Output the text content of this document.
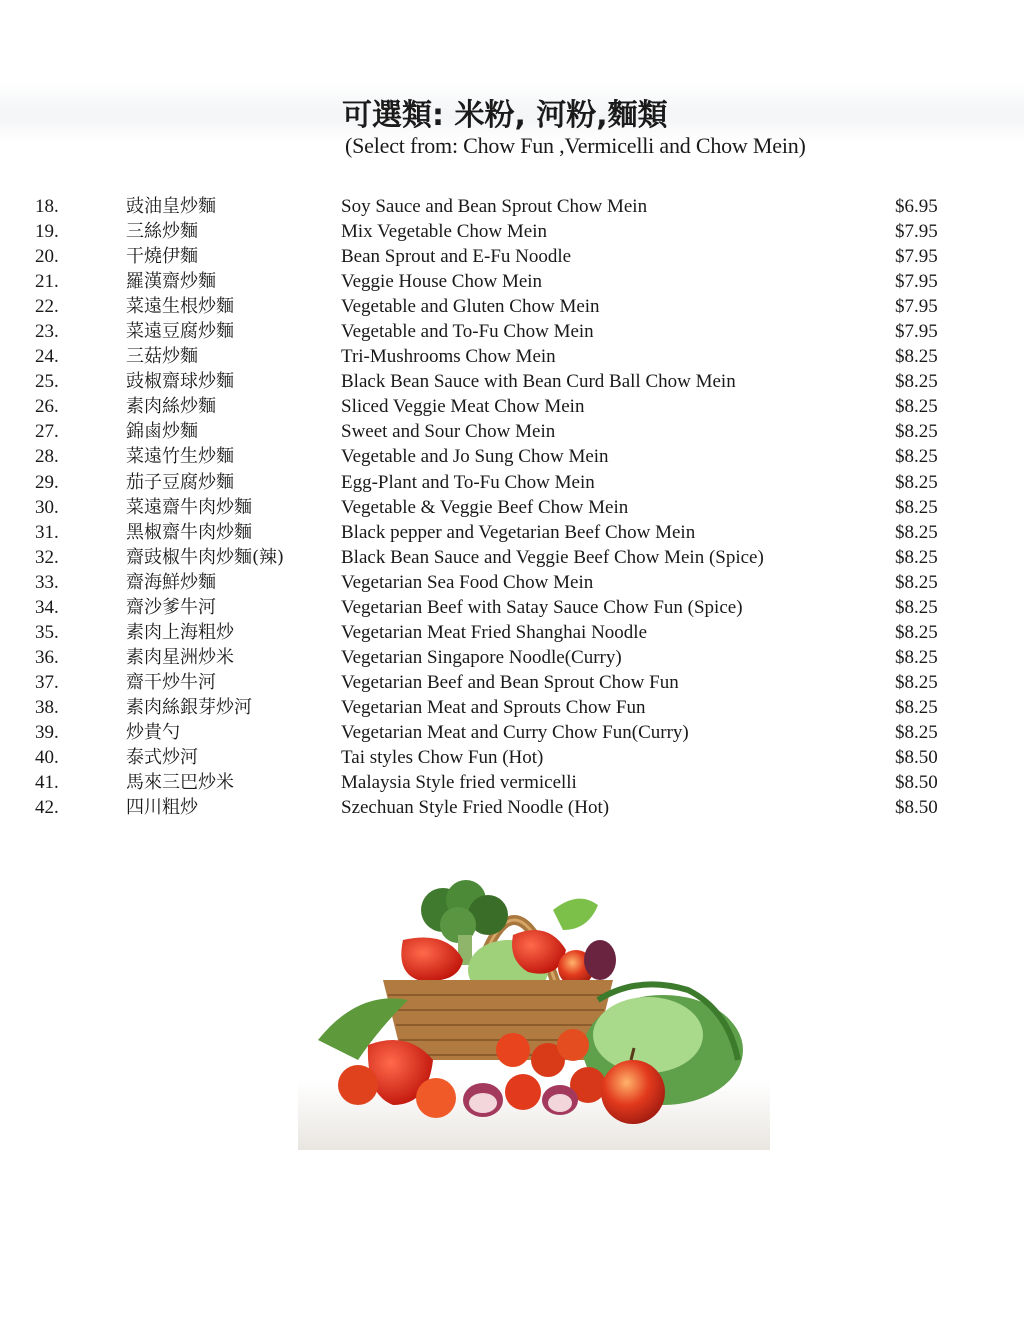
可選類: 米粉, 河粉,麵類
(Select from: Chow Fun ,Vermicelli and Chow Mein)
18.	豉油皇炒麵	Soy Sauce and Bean Sprout Chow Mein	$6.95
19.	三絲炒麵	Mix Vegetable Chow Mein	$7.95
20.	干燒伊麵	Bean Sprout and E-Fu Noodle	$7.95
21.	羅漢齋炒麵	Veggie House Chow Mein	$7.95
22.	菜遠生根炒麵	Vegetable and Gluten Chow Mein	$7.95
23.	菜遠豆腐炒麵	Vegetable and To-Fu Chow Mein	$7.95
24.	三菇炒麵	Tri-Mushrooms Chow Mein	$8.25
25.	豉椒齋球炒麵	Black Bean Sauce with Bean Curd Ball Chow Mein	$8.25
26.	素肉絲炒麵	Sliced Veggie Meat Chow Mein	$8.25
27.	錦鹵炒麵	Sweet and Sour Chow Mein	$8.25
28.	菜遠竹生炒麵	Vegetable and Jo Sung Chow Mein	$8.25
29.	茄子豆腐炒麵	Egg-Plant and To-Fu Chow Mein	$8.25
30.	菜遠齋牛肉炒麵	Vegetable & Veggie Beef Chow Mein	$8.25
31.	黑椒齋牛肉炒麵	Black pepper and Vegetarian Beef Chow Mein	$8.25
32.	齋豉椒牛肉炒麵(辣)	Black Bean Sauce and Veggie Beef Chow Mein (Spice)	$8.25
33.	齋海鮮炒麵	Vegetarian Sea Food Chow Mein	$8.25
34.	齋沙爹牛河	Vegetarian Beef with Satay Sauce Chow Fun (Spice)	$8.25
35.	素肉上海粗炒	Vegetarian Meat Fried Shanghai Noodle	$8.25
36.	素肉星洲炒米	Vegetarian Singapore Noodle(Curry)	$8.25
37.	齋干炒牛河	Vegetarian Beef and Bean Sprout Chow Fun	$8.25
38.	素肉絲銀芽炒河	Vegetarian Meat and Sprouts Chow Fun	$8.25
39.	炒貴勺	Vegetarian Meat and Curry Chow Fun(Curry)	$8.25
40.	泰式炒河	Tai styles Chow Fun (Hot)	$8.50
41.	馬來三巴炒米	Malaysia Style fried vermicelli	$8.50
42.	四川粗炒	Szechuan Style Fried Noodle (Hot)	$8.50
